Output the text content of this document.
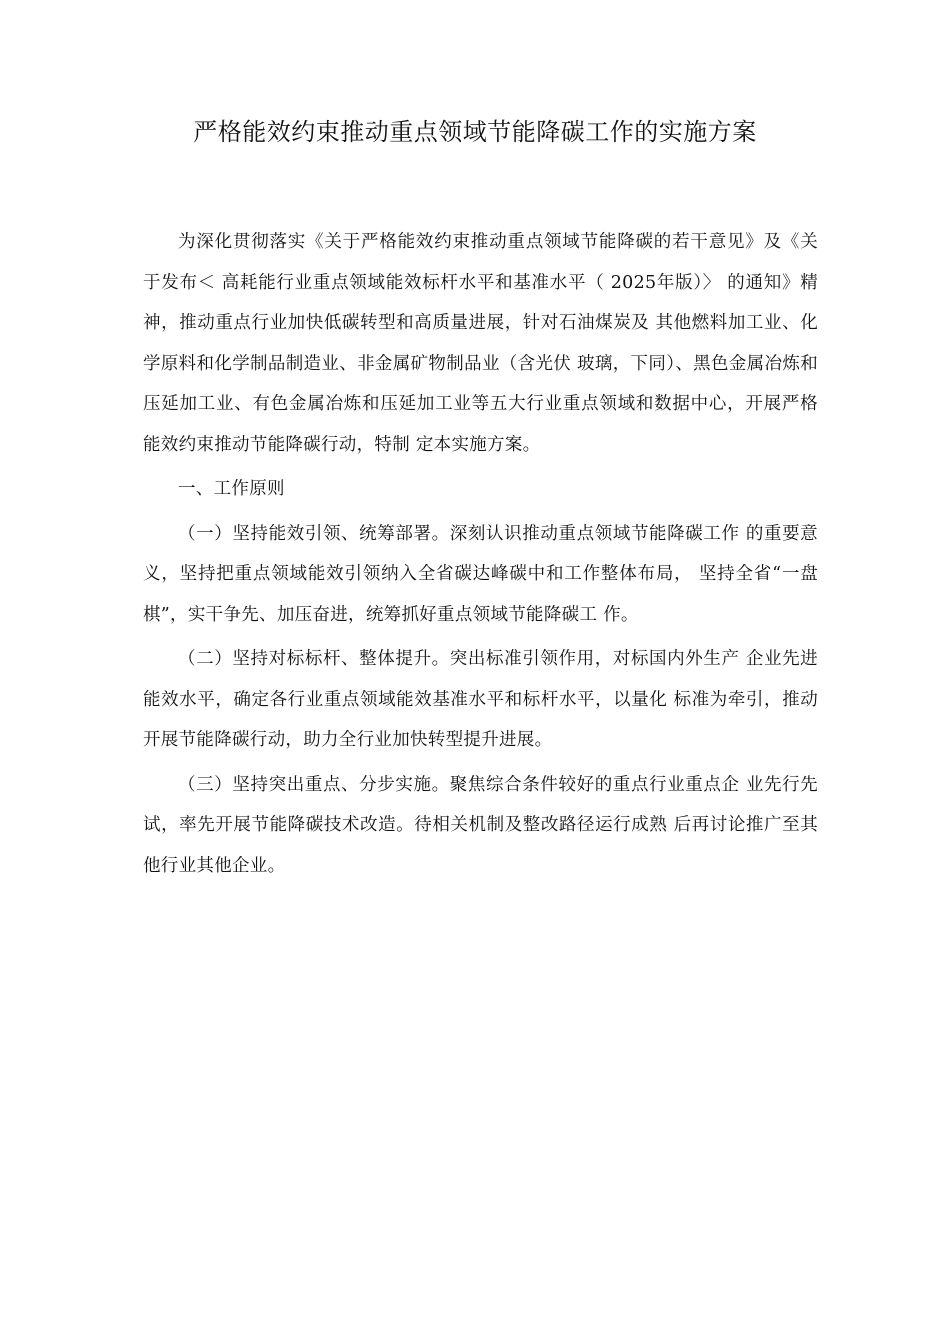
严格能效约束推动重点领域节能降碳工作的实施方案

为深化贯彻落实《关于严格能效约束推动重点领域节能降碳的若干意见》及《关于发布＜ 高耗能行业重点领域能效标杆水平和基准水平（ 2025年版）〉 的通知》精神，推动重点行业加快低碳转型和高质量进展，针对石油煤炭及 其他燃料加工业、化学原料和化学制品制造业、非金属矿物制品业（含光伏 玻璃，下同）、黑色金属冶炼和压延加工业、有色金属冶炼和压延加工业等五大行业重点领域和数据中心，开展严格能效约束推动节能降碳行动，特制 定本实施方案。

一、工作原则

（一）坚持能效引领、统筹部署。深刻认识推动重点领域节能降碳工作 的重要意义，坚持把重点领域能效引领纳入全省碳达峰碳中和工作整体布局， 坚持全省“一盘棋”，实干争先、加压奋进，统筹抓好重点领域节能降碳工 作。

（二）坚持对标标杆、整体提升。突出标准引领作用，对标国内外生产 企业先进能效水平，确定各行业重点领域能效基准水平和标杆水平，以量化 标准为牵引，推动开展节能降碳行动，助力全行业加快转型提升进展。

（三）坚持突出重点、分步实施。聚焦综合条件较好的重点行业重点企 业先行先试，率先开展节能降碳技术改造。待相关机制及整改路径运行成熟 后再讨论推广至其他行业其他企业。
